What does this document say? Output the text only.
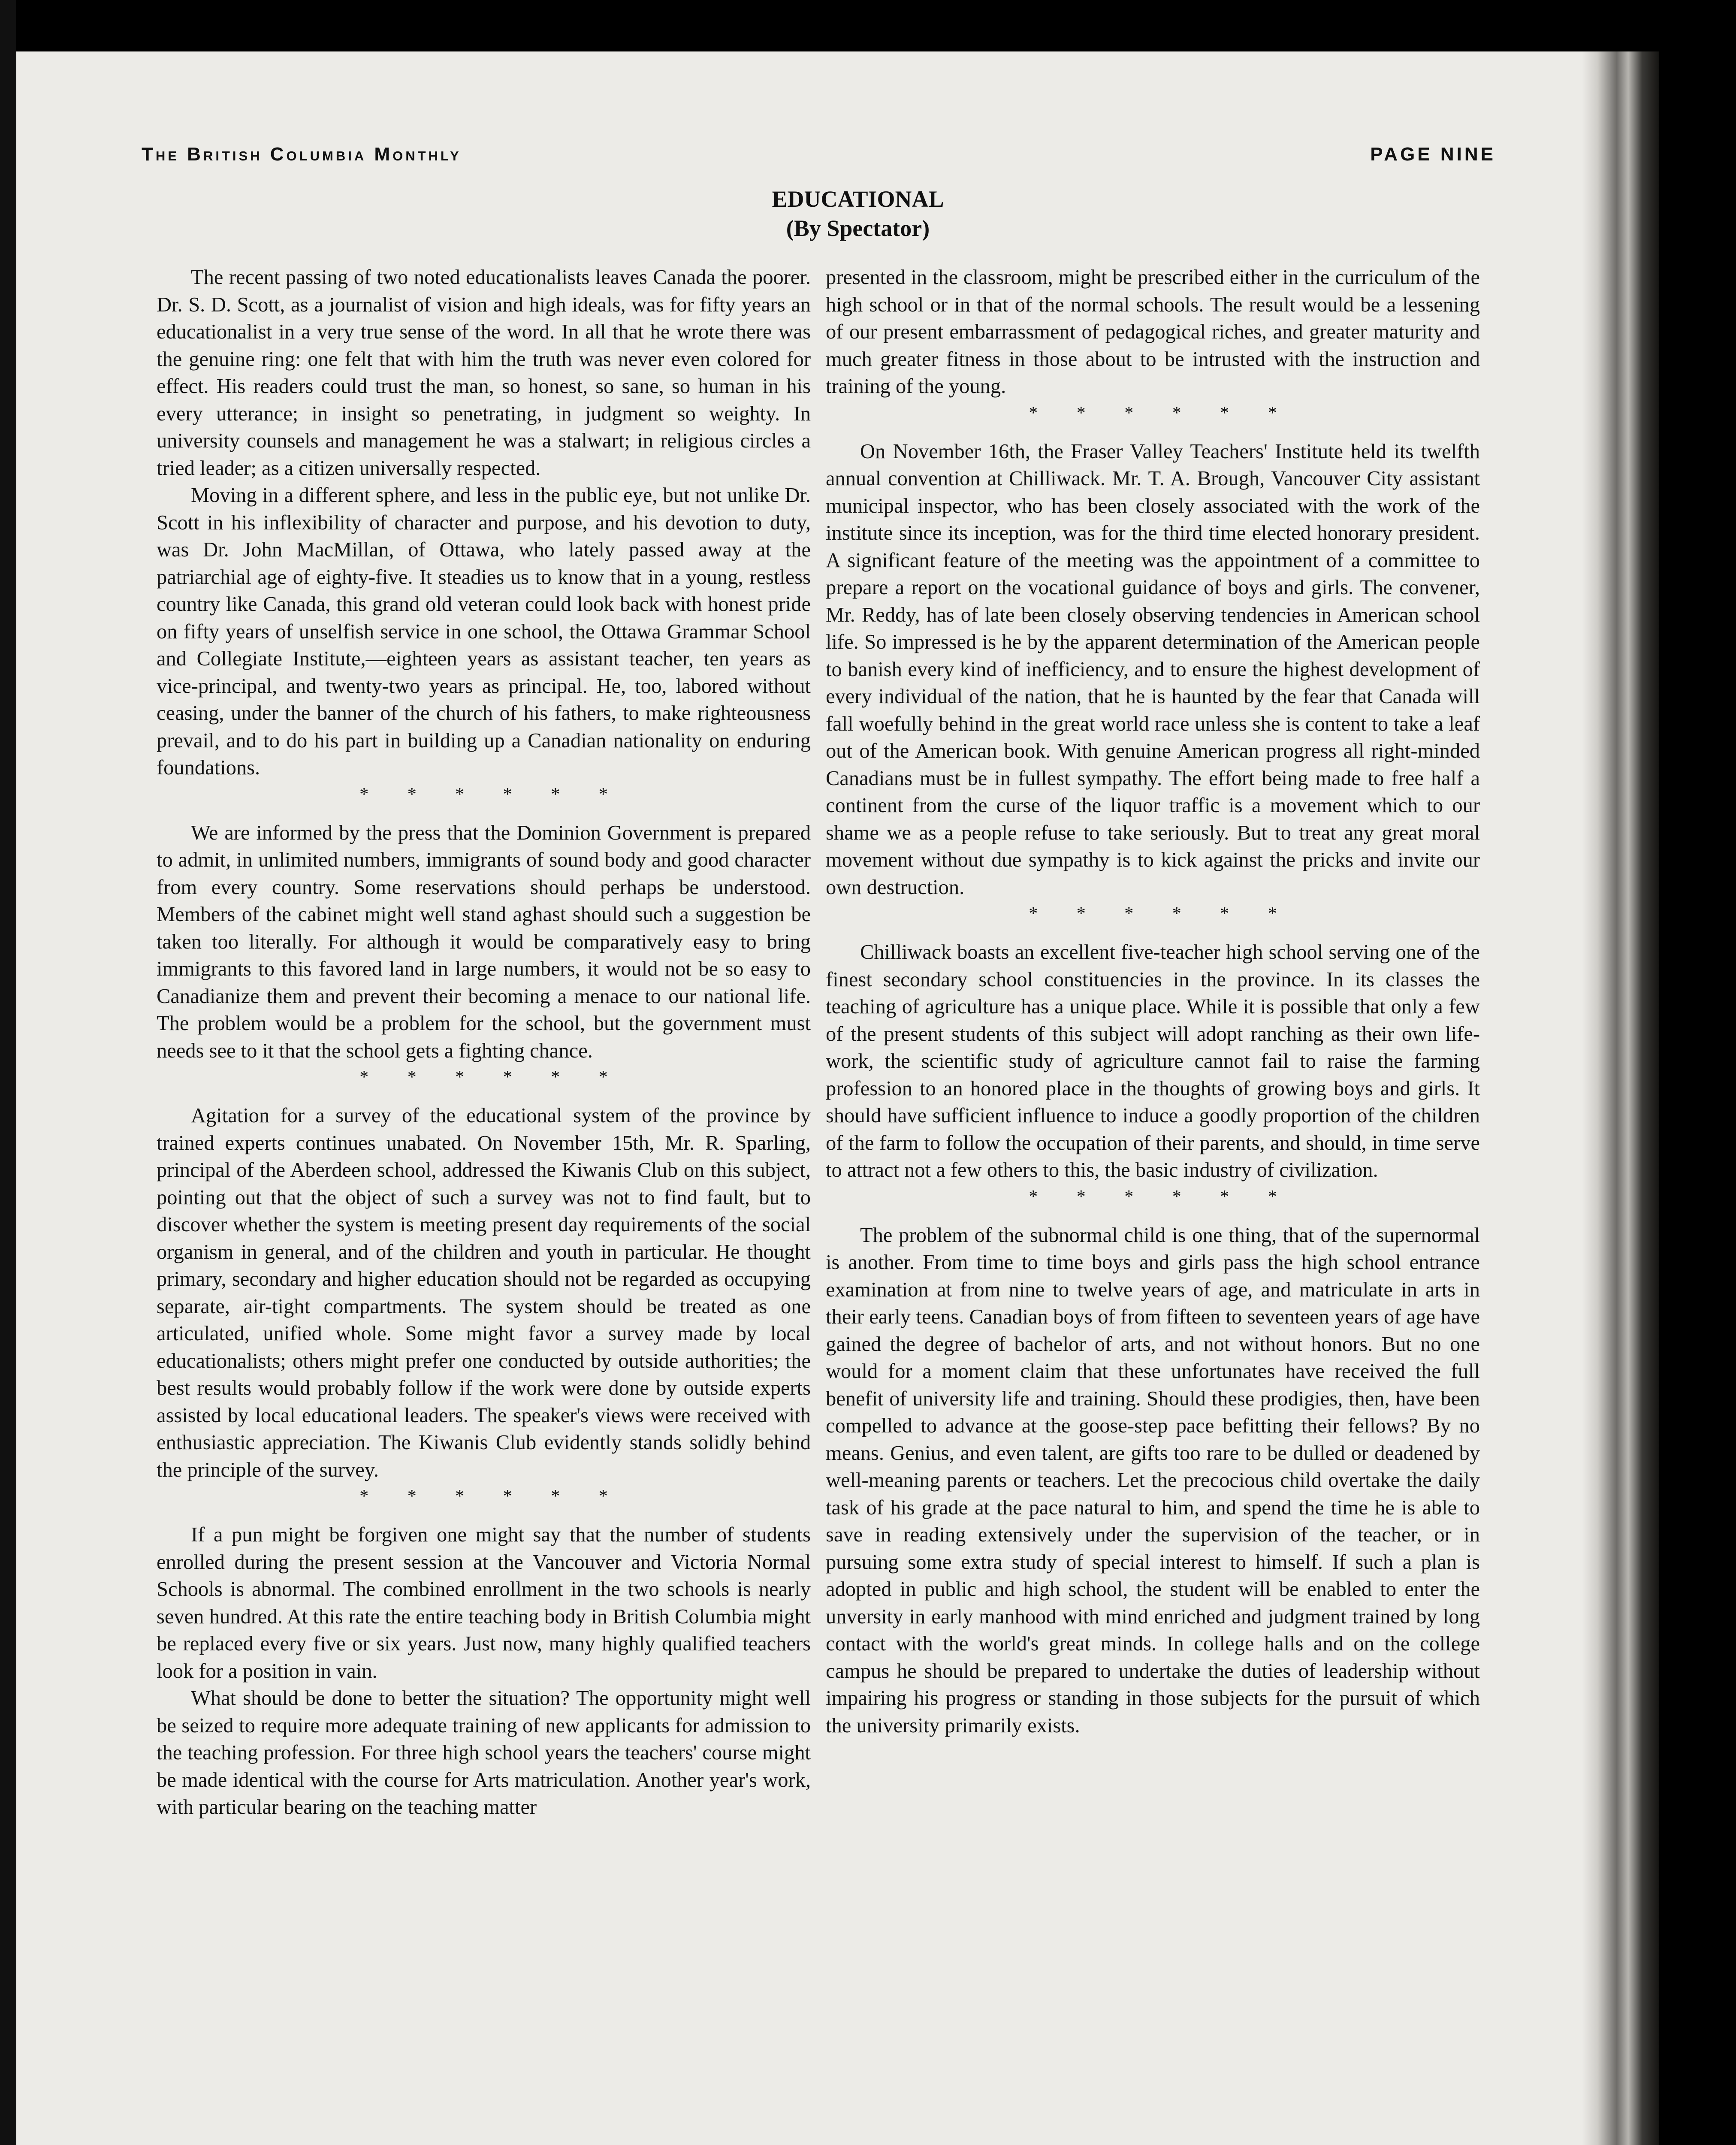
The British Columbia Monthly	PAGE NINE
EDUCATIONAL
(By Spectator)

The recent passing of two noted educationalists leaves Canada the poorer. Dr. S. D. Scott, as a journalist of vision and high ideals, was for fifty years an educationalist in a very true sense of the word. In all that he wrote there was the genuine ring: one felt that with him the truth was never even colored for effect. His readers could trust the man, so honest, so sane, so human in his every utterance; in insight so penetrating, in judgment so weighty. In university counsels and management he was a stalwart; in religious circles a tried leader; as a citizen universally respected.

Moving in a different sphere, and less in the public eye, but not unlike Dr. Scott in his inflexibility of character and purpose, and his devotion to duty, was Dr. John MacMillan, of Ottawa, who lately passed away at the patriarchial age of eighty-five. It steadies us to know that in a young, restless country like Canada, this grand old veteran could look back with honest pride on fifty years of unselfish service in one school, the Ottawa Grammar School and Collegiate Institute,—eighteen years as assistant teacher, ten years as vice-principal, and twenty-two years as principal. He, too, labored without ceasing, under the banner of the church of his fathers, to make righteousness prevail, and to do his part in building up a Canadian nationality on enduring foundations.

* * * * * *

We are informed by the press that the Dominion Government is prepared to admit, in unlimited numbers, immigrants of sound body and good character from every country. Some reservations should perhaps be understood. Members of the cabinet might well stand aghast should such a suggestion be taken too literally. For although it would be comparatively easy to bring immigrants to this favored land in large numbers, it would not be so easy to Canadianize them and prevent their becoming a menace to our national life. The problem would be a problem for the school, but the government must needs see to it that the school gets a fighting chance.

* * * * * *

Agitation for a survey of the educational system of the province by trained experts continues unabated. On November 15th, Mr. R. Sparling, principal of the Aberdeen school, addressed the Kiwanis Club on this subject, pointing out that the object of such a survey was not to find fault, but to discover whether the system is meeting present day requirements of the social organism in general, and of the children and youth in particular. He thought primary, secondary and higher education should not be regarded as occupying separate, air-tight compartments. The system should be treated as one articulated, unified whole. Some might favor a survey made by local educationalists; others might prefer one conducted by outside authorities; the best results would probably follow if the work were done by outside experts assisted by local educational leaders. The speaker's views were received with enthusiastic appreciation. The Kiwanis Club evidently stands solidly behind the principle of the survey.

* * * * * *

If a pun might be forgiven one might say that the number of students enrolled during the present session at the Vancouver and Victoria Normal Schools is abnormal. The combined enrollment in the two schools is nearly seven hundred. At this rate the entire teaching body in British Columbia might be replaced every five or six years. Just now, many highly qualified teachers look for a position in vain.

What should be done to better the situation? The opportunity might well be seized to require more adequate training of new applicants for admission to the teaching profession. For three high school years the teachers' course might be made identical with the course for Arts matriculation. Another year's work, with particular bearing on the teaching matter

presented in the classroom, might be prescribed either in the curriculum of the high school or in that of the normal schools. The result would be a lessening of our present embarrassment of pedagogical riches, and greater maturity and much greater fitness in those about to be intrusted with the instruction and training of the young.

* * * * * *

On November 16th, the Fraser Valley Teachers' Institute held its twelfth annual convention at Chilliwack. Mr. T. A. Brough, Vancouver City assistant municipal inspector, who has been closely associated with the work of the institute since its inception, was for the third time elected honorary president. A significant feature of the meeting was the appointment of a committee to prepare a report on the vocational guidance of boys and girls. The convener, Mr. Reddy, has of late been closely observing tendencies in American school life. So impressed is he by the apparent determination of the American people to banish every kind of inefficiency, and to ensure the highest development of every individual of the nation, that he is haunted by the fear that Canada will fall woefully behind in the great world race unless she is content to take a leaf out of the American book. With genuine American progress all right-minded Canadians must be in fullest sympathy. The effort being made to free half a continent from the curse of the liquor traffic is a movement which to our shame we as a people refuse to take seriously. But to treat any great moral movement without due sympathy is to kick against the pricks and invite our own destruction.

* * * * * *

Chilliwack boasts an excellent five-teacher high school serving one of the finest secondary school constituencies in the province. In its classes the teaching of agriculture has a unique place. While it is possible that only a few of the present students of this subject will adopt ranching as their own life-work, the scientific study of agriculture cannot fail to raise the farming profession to an honored place in the thoughts of growing boys and girls. It should have sufficient influence to induce a goodly proportion of the children of the farm to follow the occupation of their parents, and should, in time serve to attract not a few others to this, the basic industry of civilization.

* * * * * *

The problem of the subnormal child is one thing, that of the supernormal is another. From time to time boys and girls pass the high school entrance examination at from nine to twelve years of age, and matriculate in arts in their early teens. Canadian boys of from fifteen to seventeen years of age have gained the degree of bachelor of arts, and not without honors. But no one would for a moment claim that these unfortunates have received the full benefit of university life and training. Should these prodigies, then, have been compelled to advance at the goose-step pace befitting their fellows? By no means. Genius, and even talent, are gifts too rare to be dulled or deadened by well-meaning parents or teachers. Let the precocious child overtake the daily task of his grade at the pace natural to him, and spend the time he is able to save in reading extensively under the supervision of the teacher, or in pursuing some extra study of special interest to himself. If such a plan is adopted in public and high school, the student will be enabled to enter the unversity in early manhood with mind enriched and judgment trained by long contact with the world's great minds. In college halls and on the college campus he should be prepared to undertake the duties of leadership without impairing his progress or standing in those subjects for the pursuit of which the university primarily exists.
